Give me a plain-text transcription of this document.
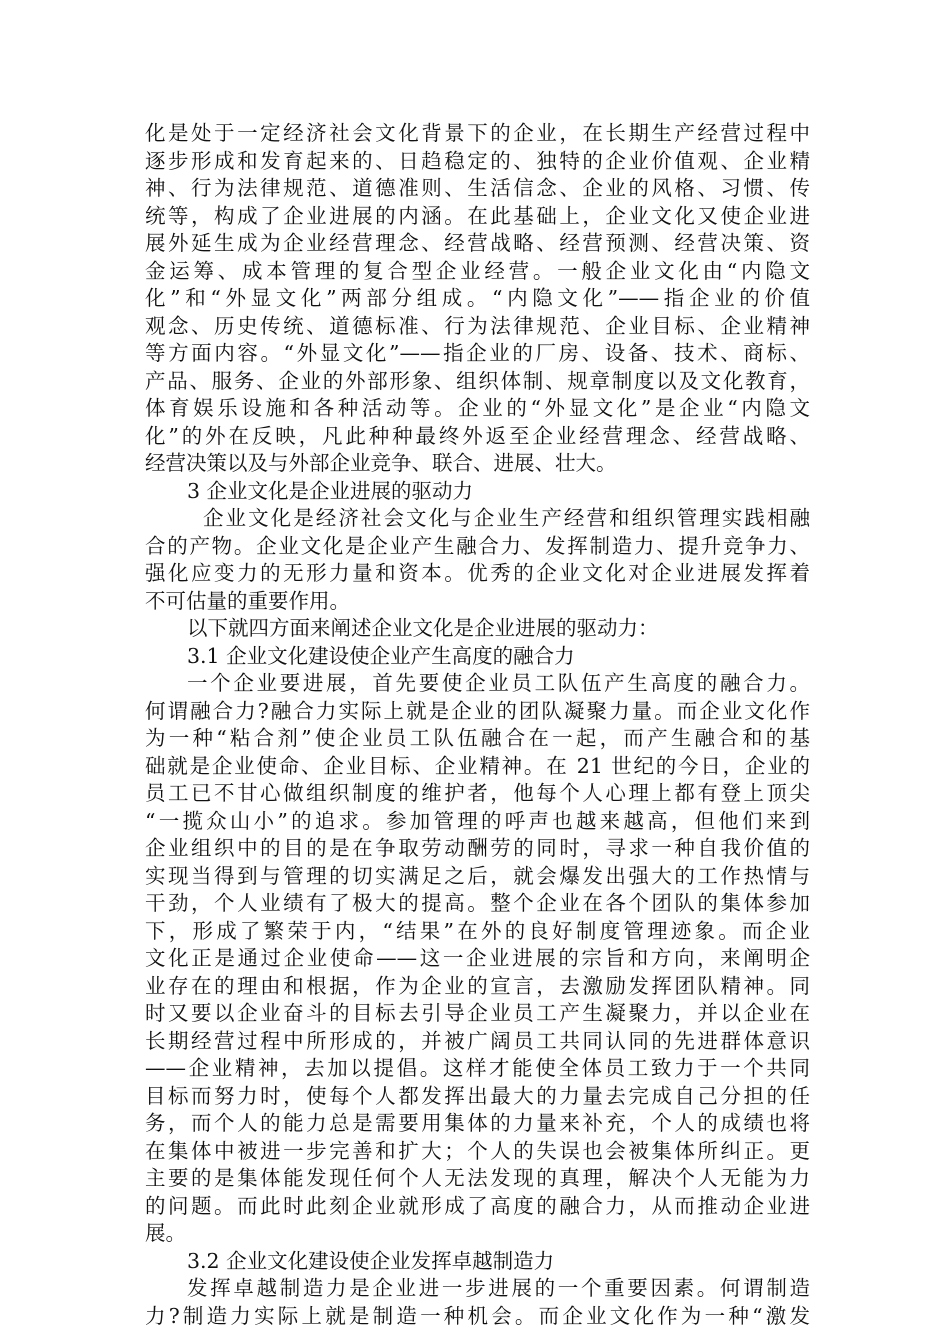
化是处于一定经济社会文化背景下的企业，在长期生产经营过程中
逐步形成和发育起来的、日趋稳定的、独特的企业价值观、企业精
神、行为法律规范、道德准则、生活信念、企业的风格、习惯、传
统等，构成了企业进展的内涵。在此基础上，企业文化又使企业进
展外延生成为企业经营理念、经营战略、经营预测、经营决策、资
金运筹、成本管理的复合型企业经营。一般企业文化由“内隐文
化”和“外显文化”两部分组成。“内隐文化”——指企业的价值
观念、历史传统、道德标准、行为法律规范、企业目标、企业精神
等方面内容。“外显文化”——指企业的厂房、设备、技术、商标、
产品、服务、企业的外部形象、组织体制、规章制度以及文化教育，
体育娱乐设施和各种活动等。企业的“外显文化”是企业“内隐文
化”的外在反映，凡此种种最终外返至企业经营理念、经营战略、
经营决策以及与外部企业竞争、联合、进展、壮大。
3 企业文化是企业进展的驱动力
企业文化是经济社会文化与企业生产经营和组织管理实践相融
合的产物。企业文化是企业产生融合力、发挥制造力、提升竞争力、
强化应变力的无形力量和资本。优秀的企业文化对企业进展发挥着
不可估量的重要作用。
以下就四方面来阐述企业文化是企业进展的驱动力：
3.1 企业文化建设使企业产生高度的融合力
一个企业要进展，首先要使企业员工队伍产生高度的融合力。
何谓融合力?融合力实际上就是企业的团队凝聚力量。而企业文化作
为一种“粘合剂”使企业员工队伍融合在一起，而产生融合和的基
础就是企业使命、企业目标、企业精神。在 21 世纪的今日，企业的
员工已不甘心做组织制度的维护者，他每个人心理上都有登上顶尖
“一揽众山小”的追求。参加管理的呼声也越来越高，但他们来到
企业组织中的目的是在争取劳动酬劳的同时，寻求一种自我价值的
实现当得到与管理的切实满足之后，就会爆发出强大的工作热情与
干劲，个人业绩有了极大的提高。整个企业在各个团队的集体参加
下，形成了繁荣于内，“结果”在外的良好制度管理迹象。而企业
文化正是通过企业使命——这一企业进展的宗旨和方向，来阐明企
业存在的理由和根据，作为企业的宣言，去激励发挥团队精神。同
时又要以企业奋斗的目标去引导企业员工产生凝聚力，并以企业在
长期经营过程中所形成的，并被广阔员工共同认同的先进群体意识
——企业精神，去加以提倡。这样才能使全体员工致力于一个共同
目标而努力时，使每个人都发挥出最大的力量去完成自己分担的任
务，而个人的能力总是需要用集体的力量来补充，个人的成绩也将
在集体中被进一步完善和扩大；个人的失误也会被集体所纠正。更
主要的是集体能发现任何个人无法发现的真理，解决个人无能为力
的问题。而此时此刻企业就形成了高度的融合力，从而推动企业进
展。
3.2 企业文化建设使企业发挥卓越制造力
发挥卓越制造力是企业进一步进展的一个重要因素。何谓制造
力?制造力实际上就是制造一种机会。而企业文化作为一种“激发
